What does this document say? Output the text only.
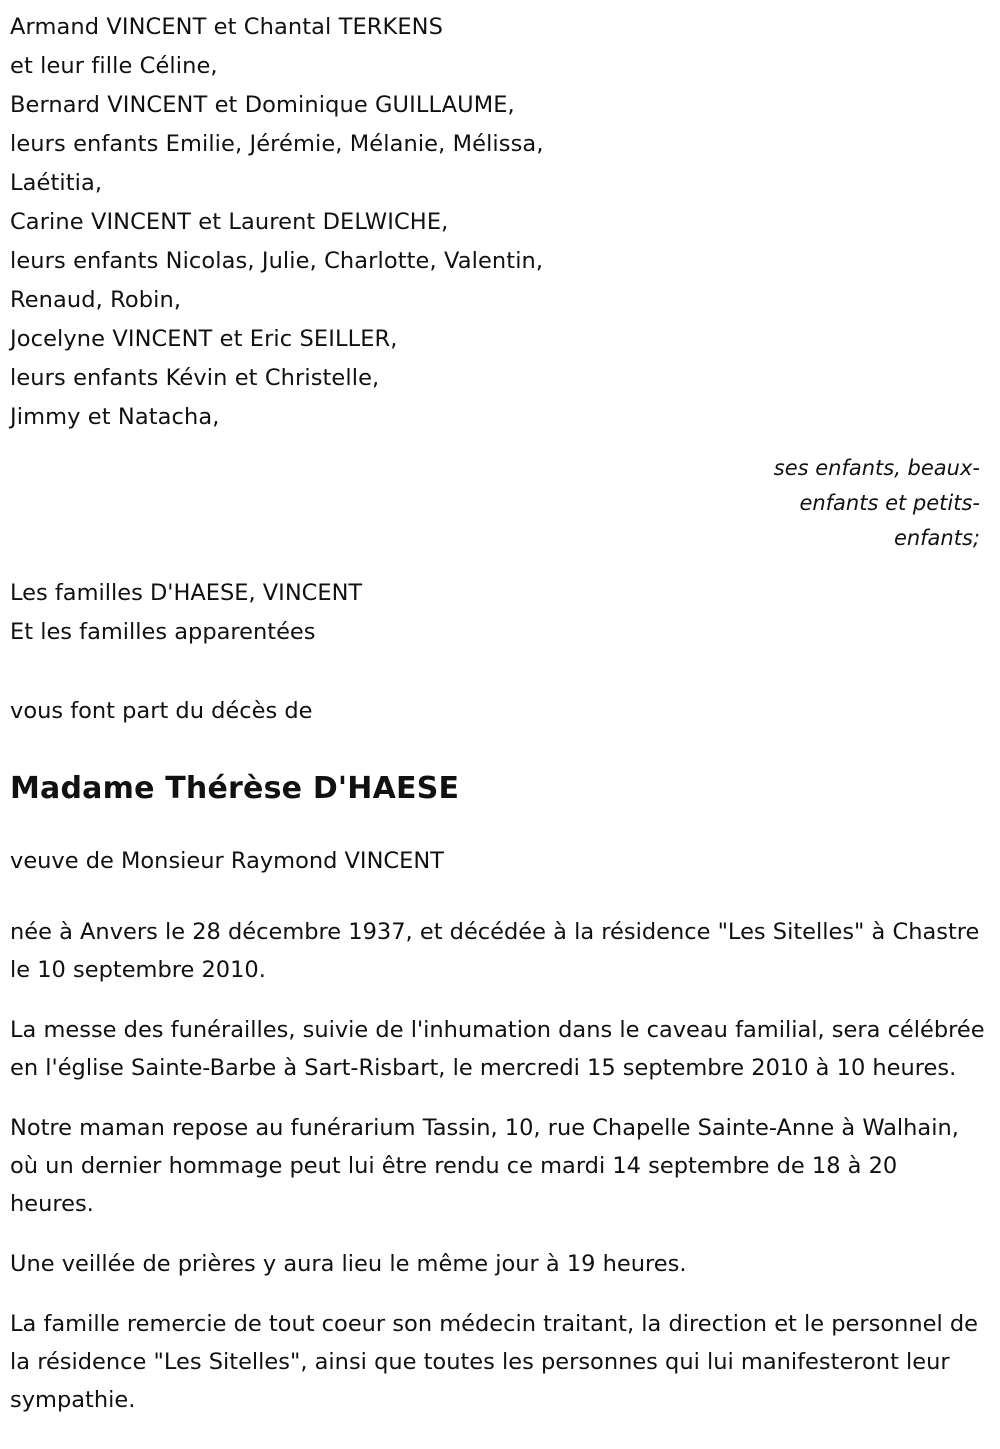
Armand VINCENT et Chantal TERKENS
et leur fille Céline,
Bernard VINCENT et Dominique GUILLAUME,
leurs enfants Emilie, Jérémie, Mélanie, Mélissa,
Laétitia,
Carine VINCENT et Laurent DELWICHE,
leurs enfants Nicolas, Julie, Charlotte, Valentin,
Renaud, Robin,
Jocelyne VINCENT et Eric SEILLER,
leurs enfants Kévin et Christelle,
Jimmy et Natacha,
ses enfants, beaux-
enfants et petits-
enfants;
Les familles D'HAESE, VINCENT
Et les familles apparentées
vous font part du décès de
Madame Thérèse D'HAESE
veuve de Monsieur Raymond VINCENT
née à Anvers le 28 décembre 1937, et décédée à la résidence "Les Sitelles" à Chastre le 10 septembre 2010.
La messe des funérailles, suivie de l'inhumation dans le caveau familial, sera célébrée en l'église Sainte-Barbe à Sart-Risbart, le mercredi 15 septembre 2010 à 10 heures.
Notre maman repose au funérarium Tassin, 10, rue Chapelle Sainte-Anne à Walhain, où un dernier hommage peut lui être rendu ce mardi 14 septembre de 18 à 20 heures.
Une veillée de prières y aura lieu le même jour à 19 heures.
La famille remercie de tout coeur son médecin traitant, la direction et le personnel de la résidence "Les Sitelles", ainsi que toutes les personnes qui lui manifesteront leur sympathie.
